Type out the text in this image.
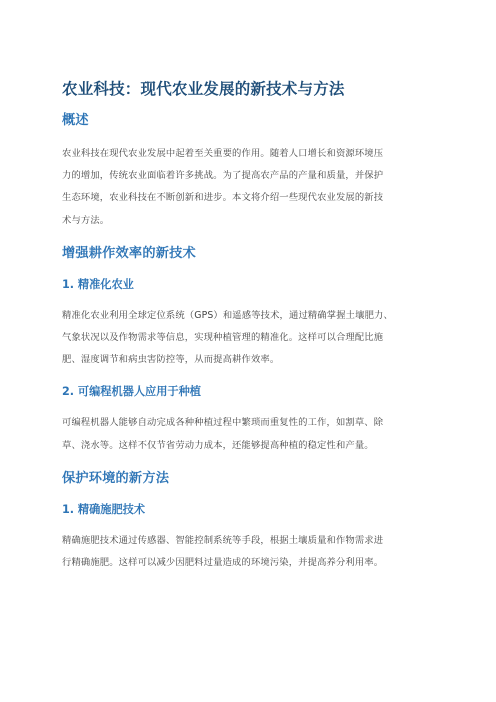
农业科技：现代农业发展的新技术与方法
概述
农业科技在现代农业发展中起着至关重要的作用。随着人口增长和资源环境压
力的增加，传统农业面临着许多挑战。为了提高农产品的产量和质量，并保护
生态环境，农业科技在不断创新和进步。本文将介绍一些现代农业发展的新技
术与方法。
增强耕作效率的新技术
1. 精准化农业
精准化农业利用全球定位系统（GPS）和遥感等技术，通过精确掌握土壤肥力、
气象状况以及作物需求等信息，实现种植管理的精准化。这样可以合理配比施
肥、湿度调节和病虫害防控等，从而提高耕作效率。
2. 可编程机器人应用于种植
可编程机器人能够自动完成各种种植过程中繁琐而重复性的工作，如割草、除
草、浇水等。这样不仅节省劳动力成本，还能够提高种植的稳定性和产量。
保护环境的新方法
1. 精确施肥技术
精确施肥技术通过传感器、智能控制系统等手段，根据土壤质量和作物需求进
行精确施肥。这样可以减少因肥料过量造成的环境污染，并提高养分利用率。
